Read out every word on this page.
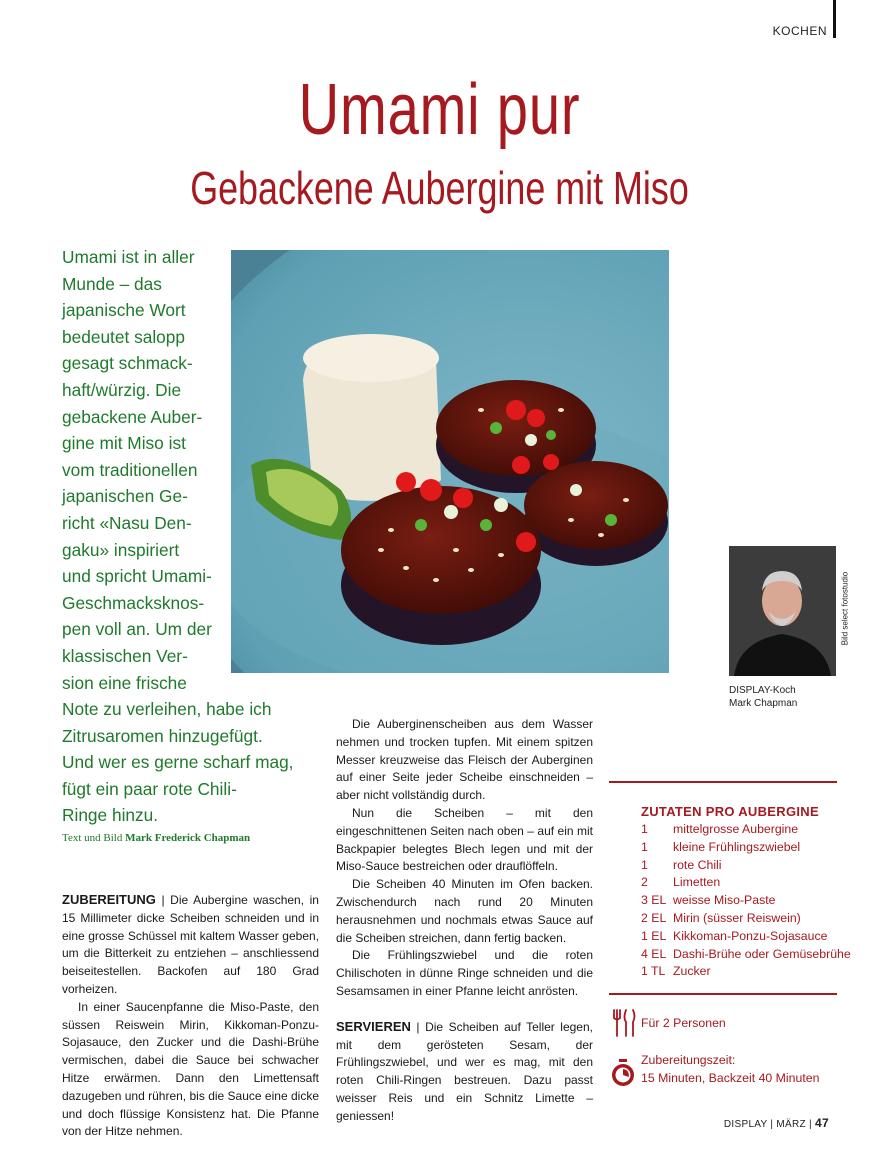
KOCHEN
Umami pur
Gebackene Aubergine mit Miso
Umami ist in aller
Munde – das
japanische Wort
bedeutet salopp
gesagt schmack-
haft/würzig. Die
gebackene Auber-
gine mit Miso ist
vom traditionellen
japanischen Ge-
richt «Nasu Den-
gaku» inspiriert
und spricht Umami-
Geschmacksknos-
pen voll an. Um der
klassischen Ver-
sion eine frische
Note zu verleihen, habe ich
Zitrusaromen hinzugefügt.
Und wer es gerne scharf mag,
fügt ein paar rote Chili-
Ringe hinzu.
Text und Bild Mark Frederick Chapman
Bild select fotostudio
DISPLAY-Koch
Mark Chapman

ZUBEREITUNG | Die Aubergine waschen, in 15 Millimeter dicke Scheiben schneiden und in eine grosse Schüssel mit kaltem Wasser geben, um die Bitterkeit zu entziehen – anschliessend beiseitestellen. Backofen auf 180 Grad vorheizen.

In einer Saucenpfanne die Miso-Paste, den süssen Reiswein Mirin, Kikkoman-Ponzu-Sojasauce, den Zucker und die Dashi-Brühe vermischen, dabei die Sauce bei schwacher Hitze erwärmen. Dann den Limettensaft dazugeben und rühren, bis die Sauce eine dicke und doch flüssige Konsistenz hat. Die Pfanne von der Hitze nehmen.

Die Auberginenscheiben aus dem Wasser nehmen und trocken tupfen. Mit einem spitzen Messer kreuzweise das Fleisch der Auberginen auf einer Seite jeder Scheibe einschneiden – aber nicht vollständig durch.

Nun die Scheiben – mit den eingeschnittenen Seiten nach oben – auf ein mit Backpapier belegtes Blech legen und mit der Miso-Sauce bestreichen oder drauflöffeln.

Die Scheiben 40 Minuten im Ofen backen. Zwischendurch nach rund 20 Minuten herausnehmen und nochmals etwas Sauce auf die Scheiben streichen, dann fertig backen.

Die Frühlingszwiebel und die roten Chilischoten in dünne Ringe schneiden und die Sesamsamen in einer Pfanne leicht anrösten.

SERVIEREN | Die Scheiben auf Teller legen, mit dem gerösteten Sesam, der Frühlingszwiebel, und wer es mag, mit den roten Chili-Ringen bestreuen. Dazu passt weisser Reis und ein Schnitz Limette – geniessen!

ZUTATEN PRO AUBERGINE
1	mittelgrosse Aubergine
1	kleine Frühlingszwiebel
1	rote Chili
2	Limetten
3 EL weisse Miso-Paste
2 EL Mirin (süsser Reiswein)
1 EL Kikkoman-Ponzu-Sojasauce
4 EL Dashi-Brühe oder Gemüsebrühe
1 TL Zucker
Für 2 Personen
Zubereitungszeit:
15 Minuten, Backzeit 40 Minuten
DISPLAY | MÄRZ | 47
